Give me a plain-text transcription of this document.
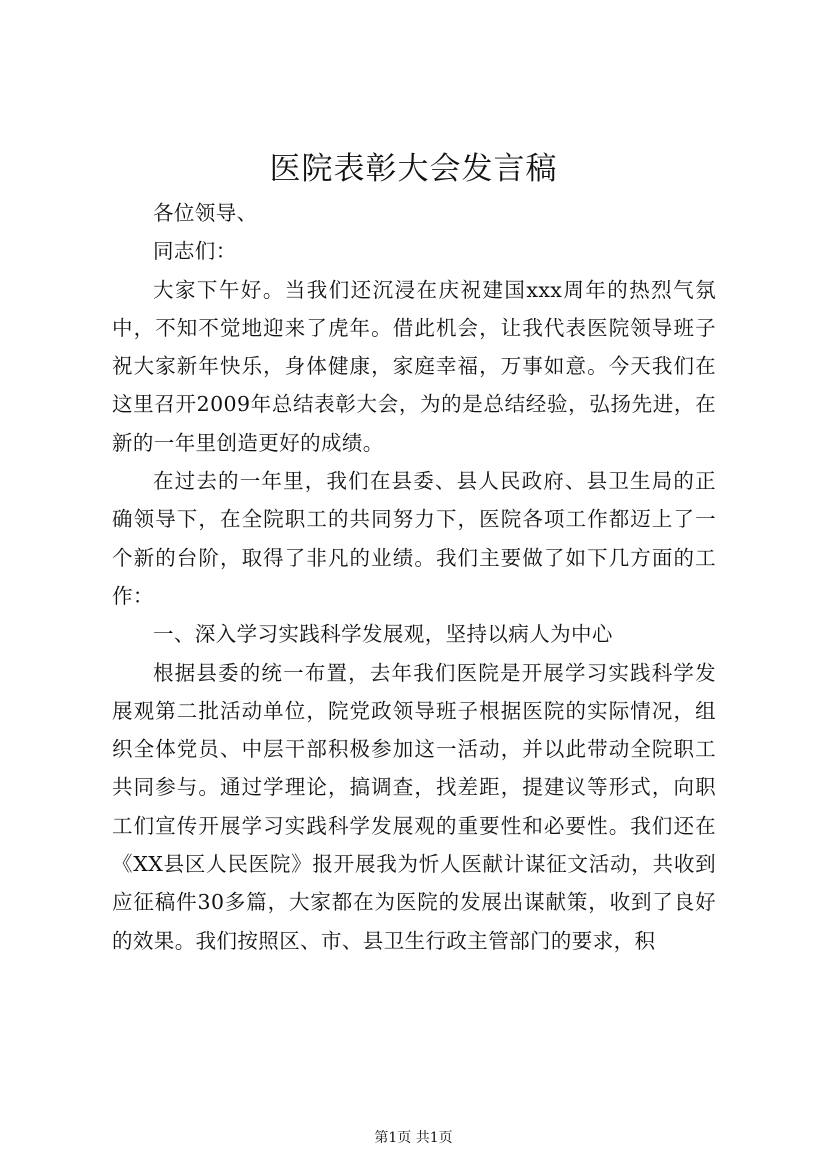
医院表彰大会发言稿

各位领导、

同志们：

大家下午好。当我们还沉浸在庆祝建国xxx周年的热烈气氛中，不知不觉地迎来了虎年。借此机会，让我代表医院领导班子祝大家新年快乐，身体健康，家庭幸福，万事如意。今天我们在这里召开2009年总结表彰大会，为的是总结经验，弘扬先进，在新的一年里创造更好的成绩。

在过去的一年里，我们在县委、县人民政府、县卫生局的正确领导下，在全院职工的共同努力下，医院各项工作都迈上了一个新的台阶，取得了非凡的业绩。我们主要做了如下几方面的工作：

一、深入学习实践科学发展观，坚持以病人为中心

根据县委的统一布置，去年我们医院是开展学习实践科学发展观第二批活动单位，院党政领导班子根据医院的实际情况，组织全体党员、中层干部积极参加这一活动，并以此带动全院职工共同参与。通过学理论，搞调查，找差距，提建议等形式，向职工们宣传开展学习实践科学发展观的重要性和必要性。我们还在《XX县区人民医院》报开展我为忻人医献计谋征文活动，共收到应征稿件30多篇，大家都在为医院的发展出谋献策，收到了良好的效果。我们按照区、市、县卫生行政主管部门的要求，积

第1页 共1页
